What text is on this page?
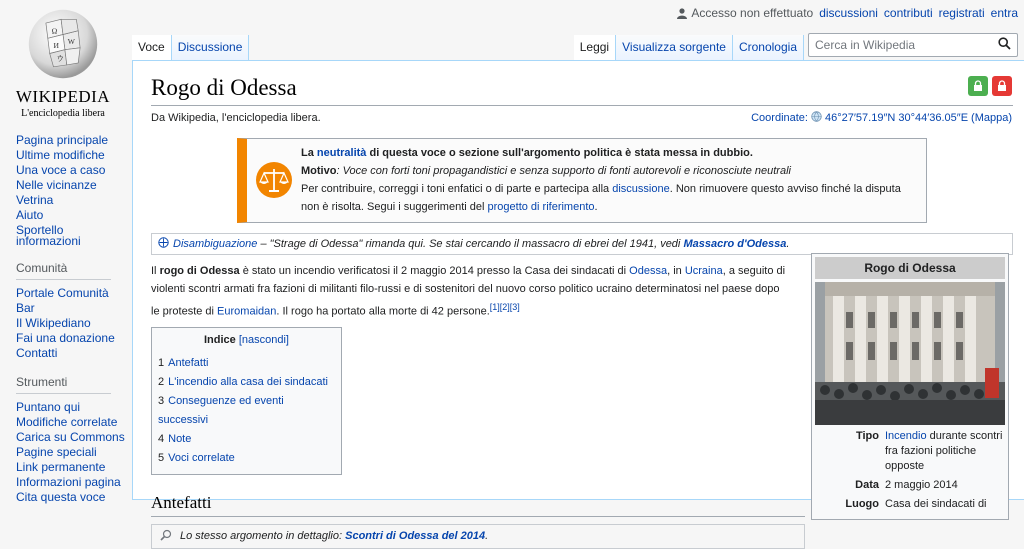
Accesso non effettuato discussioni contributi registrati entra
Ω
W
И
ウ
WIKIPEDIA
L'enciclopedia libera
Pagina principale
Ultime modifiche
Una voce a caso
Nelle vicinanze
Vetrina
Aiuto
Sportello informazioni
Comunità
Portale Comunità
Bar
Il Wikipediano
Fai una donazione
Contatti
Strumenti
Puntano qui
Modifiche correlate
Carica su Commons
Pagine speciali
Link permanente
Informazioni pagina
Cita questa voce
Voce	Discussione	Leggi	Visualizza sorgente	Cronologia
Cerca in Wikipedia
Rogo di Odessa
Da Wikipedia, l'enciclopedia libera.	Coordinate: 46°27′57.19″N 30°44′36.05″E (Mappa)
La neutralità di questa voce o sezione sull'argomento politica è stata messa in dubbio.
Motivo: Voce con forti toni propagandistici e senza supporto di fonti autorevoli e riconosciute neutrali
Per contribuire, correggi i toni enfatici o di parte e partecipa alla discussione. Non rimuovere questo avviso finché la disputa non è risolta. Segui i suggerimenti del progetto di riferimento.
Disambiguazione – "Strage di Odessa" rimanda qui. Se stai cercando il massacro di ebrei del 1941, vedi Massacro d'Odessa.

Il rogo di Odessa è stato un incendio verificatosi il 2 maggio 2014 presso la Casa dei sindacati di Odessa, in Ucraina, a seguito di violenti scontri armati fra fazioni di militanti filo-russi e di sostenitori del nuovo corso politico ucraino determinatosi nel paese dopo le proteste di Euromaidan. Il rogo ha portato alla morte di 42 persone.[1][2][3]

Indice [nascondi]
1 Antefatti
2 L'incendio alla casa dei sindacati
3 Conseguenze ed eventi successivi
4 Note
5 Voci correlate
Antefatti
Lo stesso argomento in dettaglio: Scontri di Odessa del 2014.
Rogo di Odessa
Tipo Incendio durante scontri fra fazioni politiche opposte
Data 2 maggio 2014
Luogo Casa dei sindacati di
